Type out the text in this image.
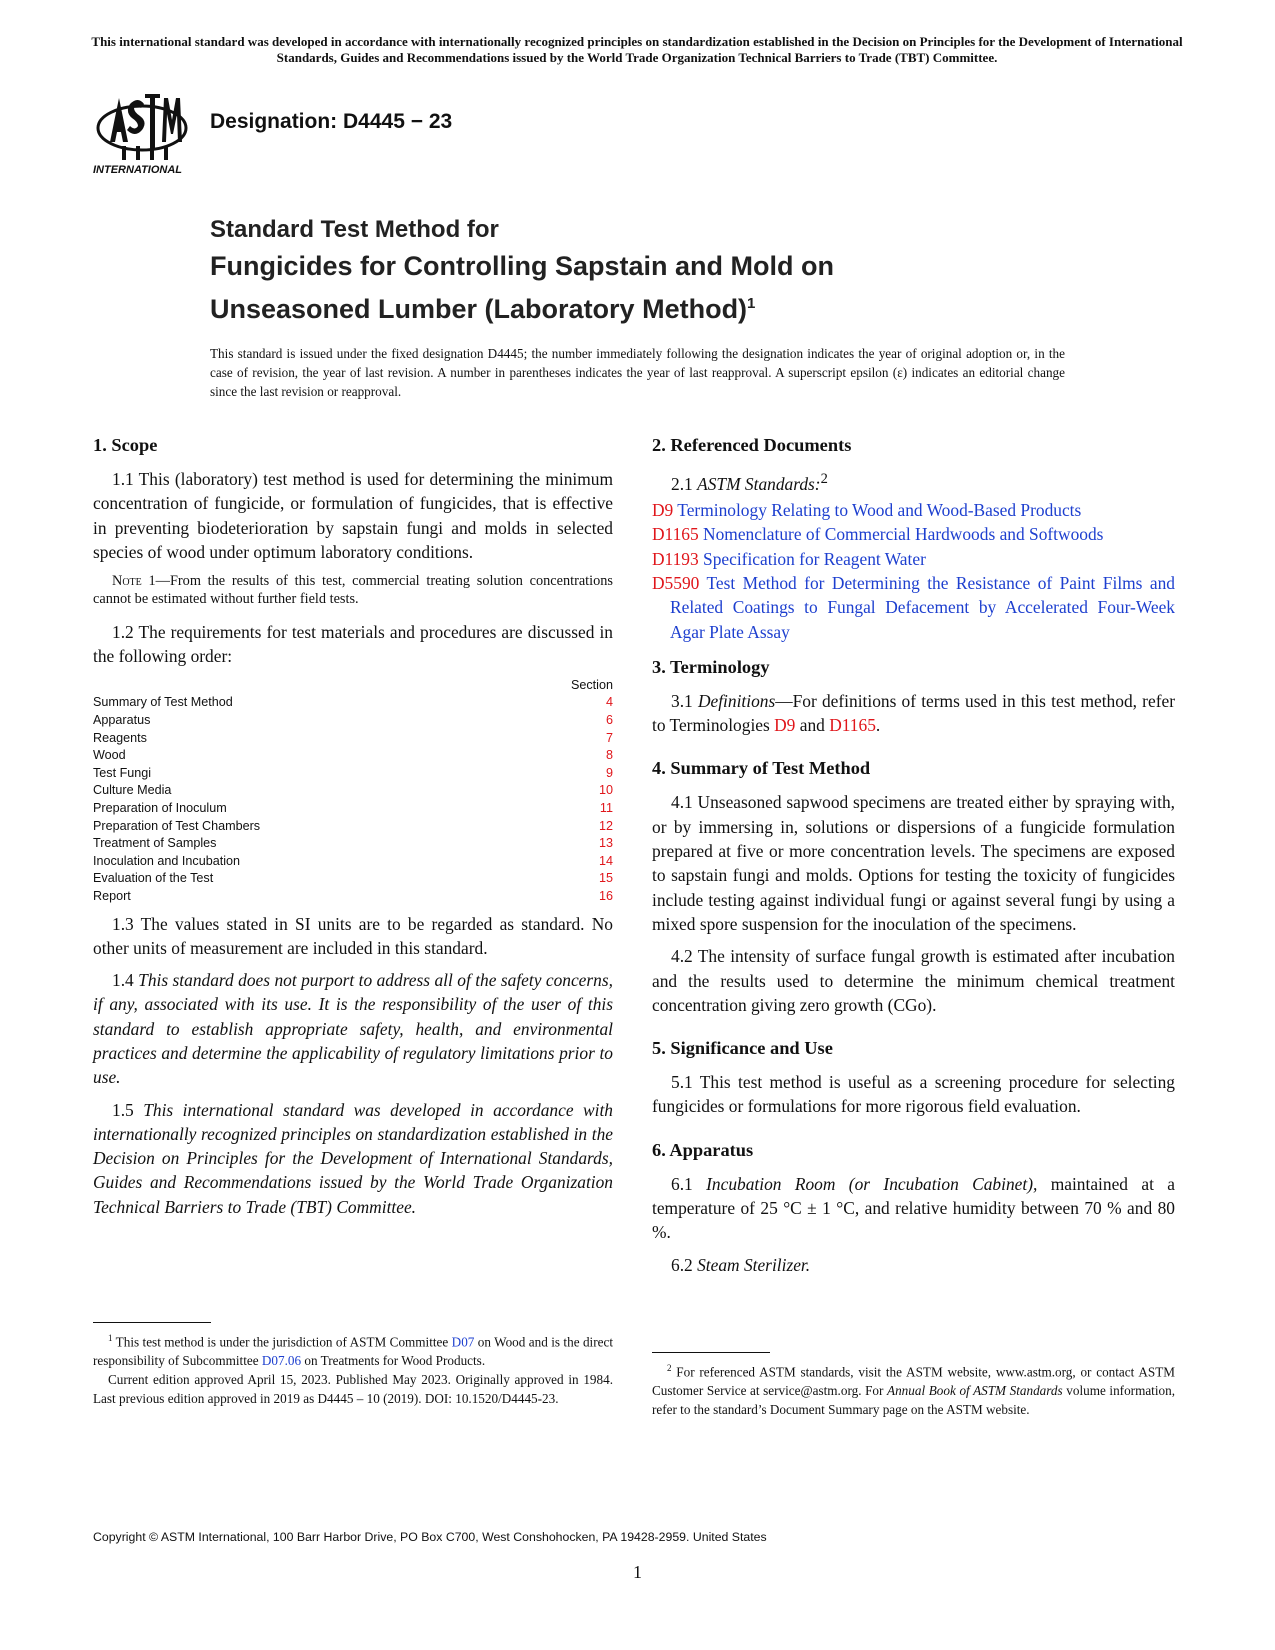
This international standard was developed in accordance with internationally recognized principles on standardization established in the Decision on Principles for the Development of International Standards, Guides and Recommendations issued by the World Trade Organization Technical Barriers to Trade (TBT) Committee.
INTERNATIONAL
Designation: D4445 − 23
Standard Test Method for
Fungicides for Controlling Sapstain and Mold on
Unseasoned Lumber (Laboratory Method)$^1$
This standard is issued under the fixed designation D4445; the number immediately following the designation indicates the year of original adoption or, in the case of revision, the year of last revision. A number in parentheses indicates the year of last reapproval. A superscript epsilon (ε) indicates an editorial change since the last revision or reapproval.
1. Scope

1.1 This (laboratory) test method is used for determining the minimum concentration of fungicide, or formulation of fungicides, that is effective in preventing biodeterioration by sapstain fungi and molds in selected species of wood under optimum laboratory conditions.

Note 1—From the results of this test, commercial treating solution concentrations cannot be estimated without further field tests.

1.2 The requirements for test materials and procedures are discussed in the following order:

Section
Summary of Test Method	4
Apparatus	6
Reagents	7
Wood	8
Test Fungi	9
Culture Media	10
Preparation of Inoculum	11
Preparation of Test Chambers	12
Treatment of Samples	13
Inoculation and Incubation	14
Evaluation of the Test	15
Report	16

1.3 The values stated in SI units are to be regarded as standard. No other units of measurement are included in this standard.

1.4 This standard does not purport to address all of the safety concerns, if any, associated with its use. It is the responsibility of the user of this standard to establish appropriate safety, health, and environmental practices and determine the applicability of regulatory limitations prior to use.

1.5 This international standard was developed in accordance with internationally recognized principles on standardization established in the Decision on Principles for the Development of International Standards, Guides and Recommendations issued by the World Trade Organization Technical Barriers to Trade (TBT) Committee.

2. Referenced Documents

2.1 ASTM Standards:$^2$

D9 Terminology Relating to Wood and Wood-Based Products

D1165 Nomenclature of Commercial Hardwoods and Softwoods

D1193 Specification for Reagent Water

D5590 Test Method for Determining the Resistance of Paint Films and Related Coatings to Fungal Defacement by Accelerated Four-Week Agar Plate Assay

3. Terminology

3.1 Definitions—For definitions of terms used in this test method, refer to Terminologies D9 and D1165.

4. Summary of Test Method

4.1 Unseasoned sapwood specimens are treated either by spraying with, or by immersing in, solutions or dispersions of a fungicide formulation prepared at five or more concentration levels. The specimens are exposed to sapstain fungi and molds. Options for testing the toxicity of fungicides include testing against individual fungi or against several fungi by using a mixed spore suspension for the inoculation of the specimens.

4.2 The intensity of surface fungal growth is estimated after incubation and the results used to determine the minimum chemical treatment concentration giving zero growth (CGo).

5. Significance and Use

5.1 This test method is useful as a screening procedure for selecting fungicides or formulations for more rigorous field evaluation.

6. Apparatus

6.1 Incubation Room (or Incubation Cabinet), maintained at a temperature of 25 °C ± 1 °C, and relative humidity between 70 % and 80 %.

6.2 Steam Sterilizer.

$^1$ This test method is under the jurisdiction of ASTM Committee D07 on Wood and is the direct responsibility of Subcommittee D07.06 on Treatments for Wood Products.

Current edition approved April 15, 2023. Published May 2023. Originally approved in 1984. Last previous edition approved in 2019 as D4445 – 10 (2019). DOI: 10.1520/D4445-23.

$^2$ For referenced ASTM standards, visit the ASTM website, www.astm.org, or contact ASTM Customer Service at service@astm.org. For Annual Book of ASTM Standards volume information, refer to the standard’s Document Summary page on the ASTM website.

Copyright © ASTM International, 100 Barr Harbor Drive, PO Box C700, West Conshohocken, PA 19428-2959. United States
1
